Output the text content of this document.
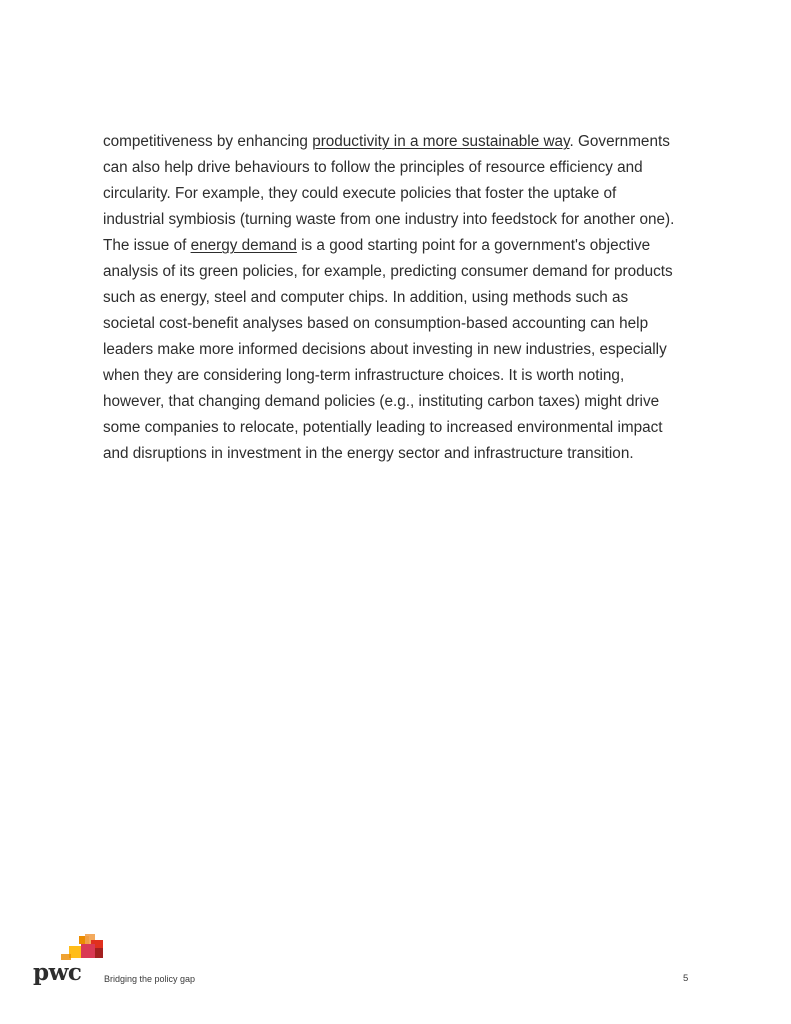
competitiveness by enhancing productivity in a more sustainable way. Governments
can also help drive behaviours to follow the principles of resource efficiency and
circularity. For example, they could execute policies that foster the uptake of
industrial symbiosis (turning waste from one industry into feedstock for another one).
The issue of energy demand is a good starting point for a government's objective
analysis of its green policies, for example, predicting consumer demand for products
such as energy, steel and computer chips. In addition, using methods such as
societal cost-benefit analyses based on consumption-based accounting can help
leaders make more informed decisions about investing in new industries, especially
when they are considering long-term infrastructure choices. It is worth noting,
however, that changing demand policies (e.g., instituting carbon taxes) might drive
some companies to relocate, potentially leading to increased environmental impact
and disruptions in investment in the energy sector and infrastructure transition.
pwc	Bridging the policy gap	5
